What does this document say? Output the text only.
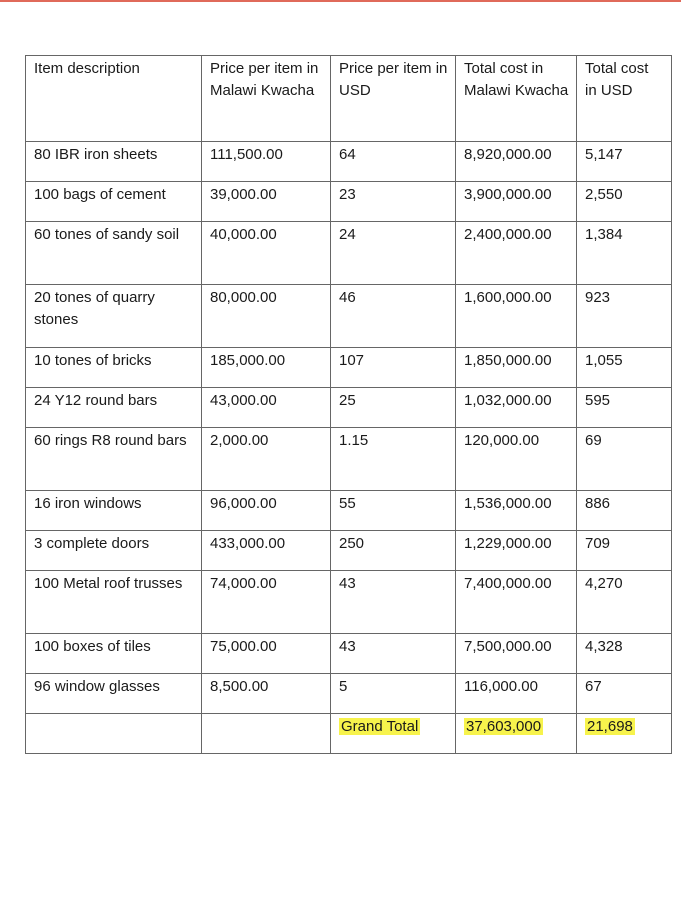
Item description	Price per item in Malawi Kwacha	Price per item in USD	Total cost in Malawi Kwacha	Total cost in USD
80 IBR iron sheets	111,500.00	64	8,920,000.00	5,147
100 bags of cement	39,000.00	23	3,900,000.00	2,550
60 tones of sandy soil	40,000.00	24	2,400,000.00	1,384
20 tones of quarry stones	80,000.00	46	1,600,000.00	923
10 tones of bricks	185,000.00	107	1,850,000.00	1,055
24 Y12 round bars	43,000.00	25	1,032,000.00	595
60 rings R8 round bars	2,000.00	1.15	120,000.00	69
16 iron windows	96,000.00	55	1,536,000.00	886
3 complete doors	433,000.00	250	1,229,000.00	709
100 Metal roof trusses	74,000.00	43	7,400,000.00	4,270
100 boxes of tiles	75,000.00	43	7,500,000.00	4,328
96 window glasses	8,500.00	5	116,000.00	67
		Grand Total	37,603,000	21,698
